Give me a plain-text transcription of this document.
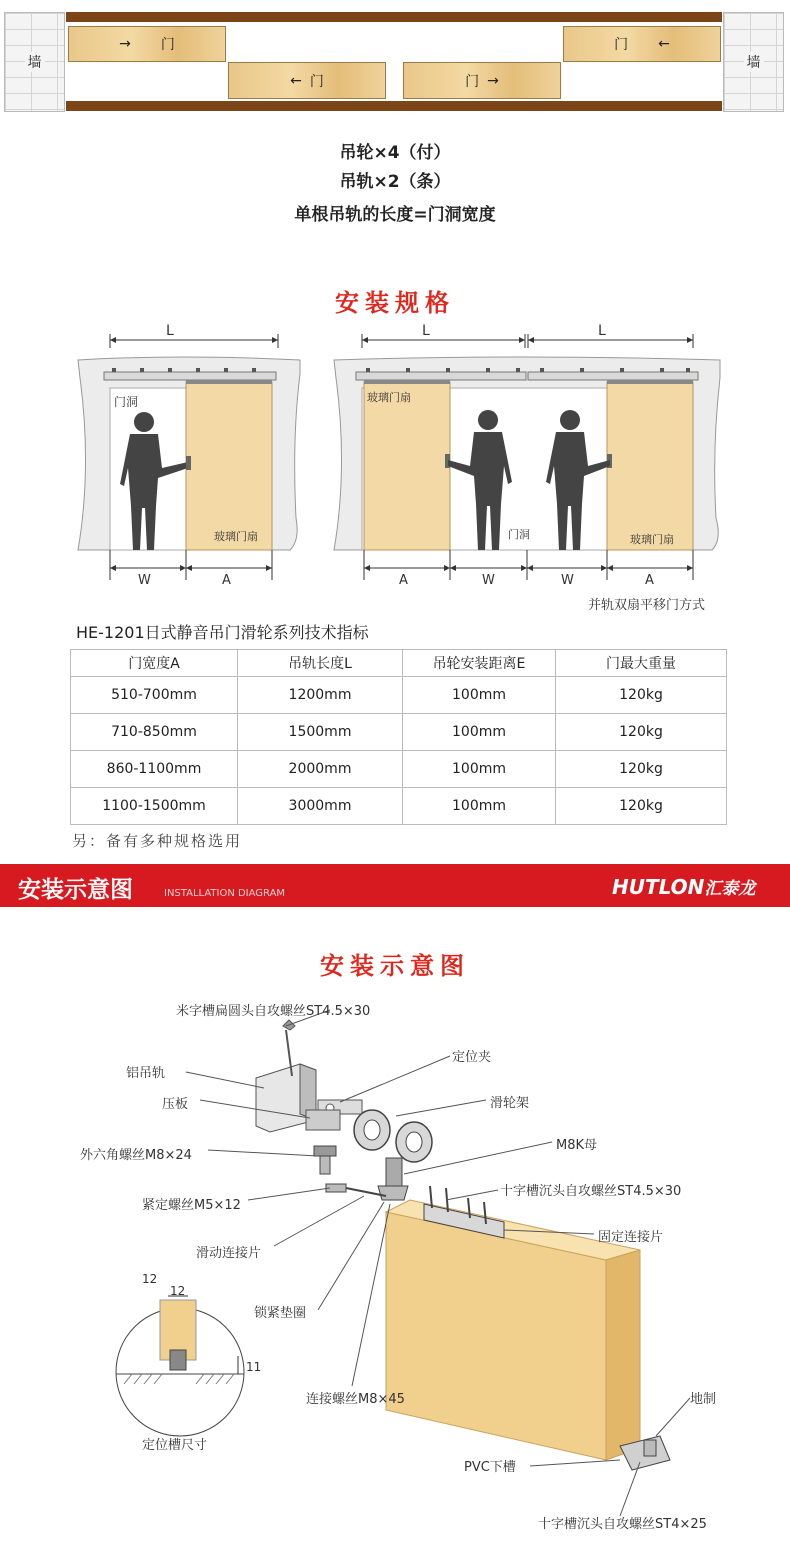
墙	墙
→ 门
← 门
门 ←
门 →
吊轮×4（付）
吊轨×2（条）
单根吊轨的长度=门洞宽度
安装规格
L
门洞
玻璃门扇
W	A
L	L
玻璃门扇
门洞	玻璃门扇
A	W	W	A
并轨双扇平移门方式
HE-1201日式静音吊门滑轮系列技术指标
门宽度A	吊轨长度L	吊轮安装距离E	门最大重量
510-700mm	1200mm	100mm	120kg
710-850mm	1500mm	100mm	120kg
860-1100mm	2000mm	100mm	120kg
1100-1500mm	3000mm	100mm	120kg
另：备有多种规格选用
安装示意图	INSTALLATION DIAGRAM	HUTLON汇泰龙
安装示意图
米字槽扁圆头自攻螺丝ST4.5×30
定位夹
铝吊轨
滑轮架
压板
M8K母
外六角螺丝M8×24
十字槽沉头自攻螺丝ST4.5×30
紧定螺丝M5×12
固定连接片
滑动连接片
锁紧垫圈
12
12
11
连接螺丝M8×45	地制
定位槽尺寸
PVC下槽
十字槽沉头自攻螺丝ST4×25
